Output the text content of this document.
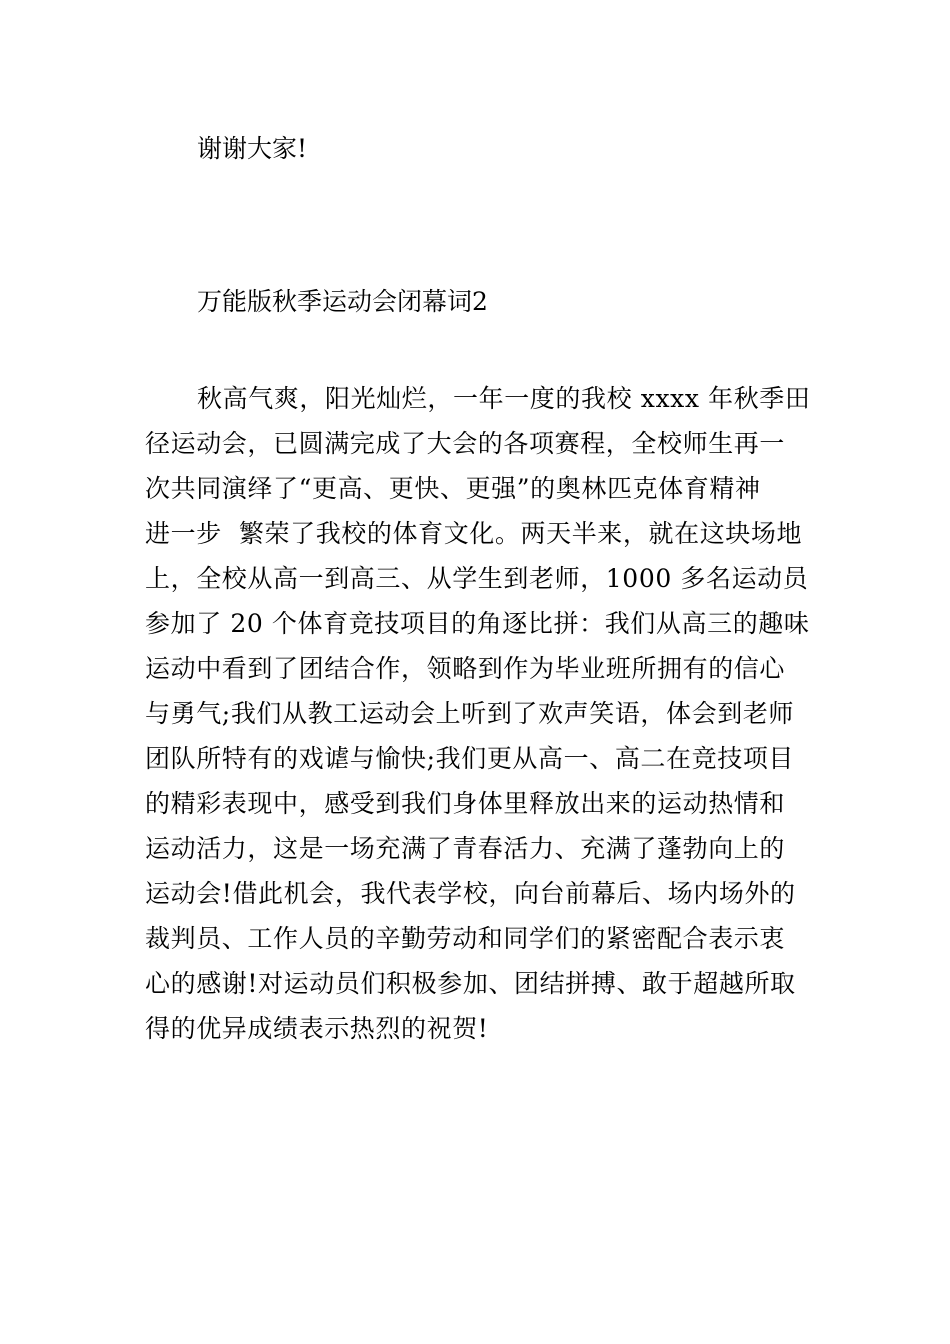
谢谢大家!

万能版秋季运动会闭幕词2

秋高气爽，阳光灿烂，一年一度的我校 xxxx 年秋季田

径运动会，已圆满完成了大会的各项赛程，全校师生再一

次共同演绎了“更高、更快、更强”的奥林匹克体育精神

进一步  繁荣了我校的体育文化。两天半来，就在这块场地

上，全校从高一到高三、从学生到老师，1000 多名运动员

参加了 20 个体育竞技项目的角逐比拼：我们从高三的趣味

运动中看到了团结合作，领略到作为毕业班所拥有的信心

与勇气;我们从教工运动会上听到了欢声笑语，体会到老师

团队所特有的戏谑与愉快;我们更从高一、高二在竞技项目

的精彩表现中，感受到我们身体里释放出来的运动热情和

运动活力，这是一场充满了青春活力、充满了蓬勃向上的

运动会!借此机会，我代表学校，向台前幕后、场内场外的

裁判员、工作人员的辛勤劳动和同学们的紧密配合表示衷

心的感谢!对运动员们积极参加、团结拼搏、敢于超越所取

得的优异成绩表示热烈的祝贺!
